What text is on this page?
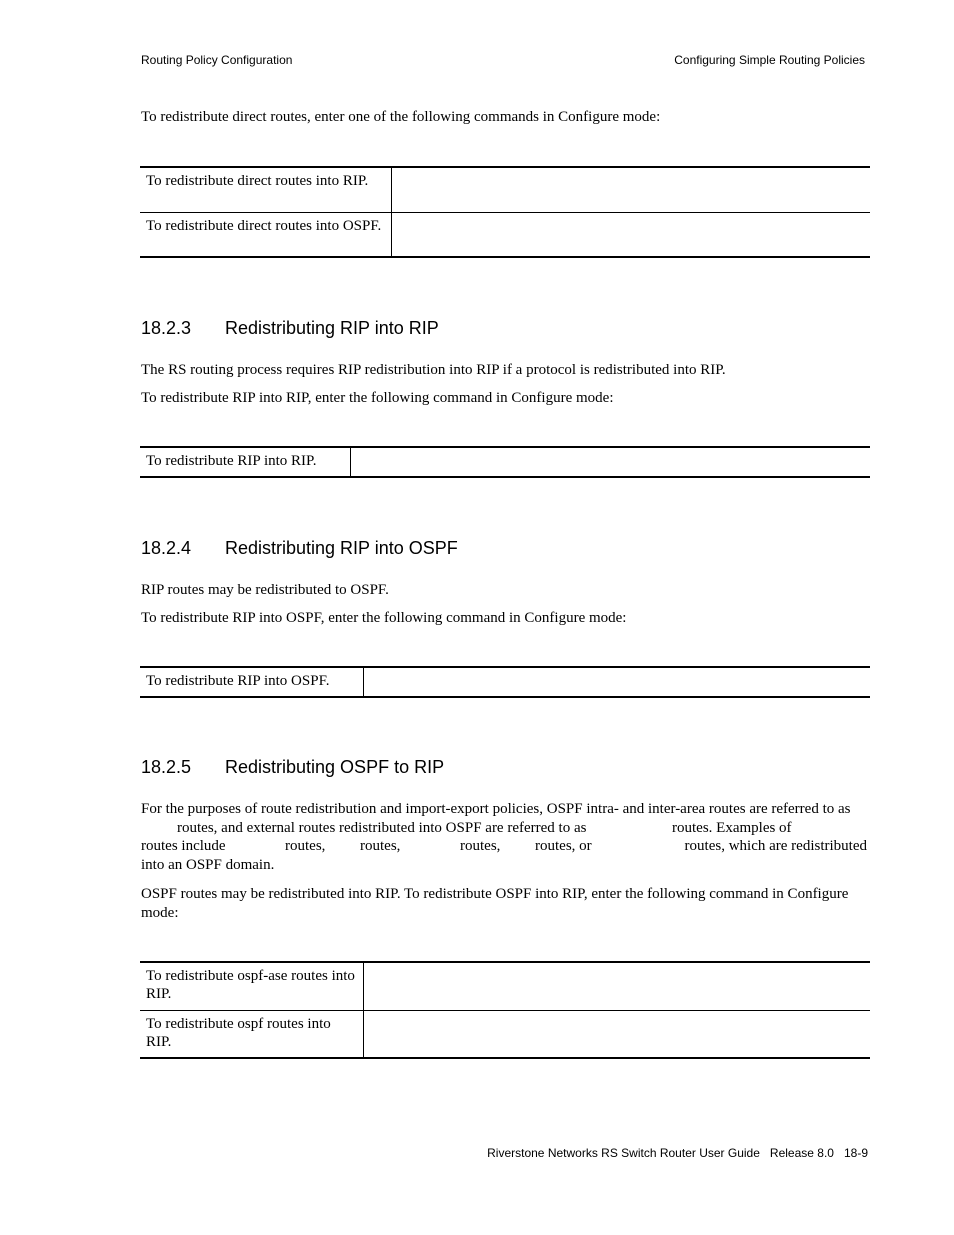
Routing Policy Configuration	Configuring Simple Routing Policies
To redistribute direct routes, enter one of the following commands in Configure mode:
To redistribute direct routes into RIP.	
To redistribute direct routes into OSPF.	
18.2.3 Redistributing RIP into RIP
The RS routing process requires RIP redistribution into RIP if a protocol is redistributed into RIP.
To redistribute RIP into RIP, enter the following command in Configure mode:
To redistribute RIP into RIP.	
18.2.4 Redistributing RIP into OSPF
RIP routes may be redistributed to OSPF.
To redistribute RIP into OSPF, enter the following command in Configure mode:
To redistribute RIP into OSPF.	
18.2.5 Redistributing OSPF to RIP
For the purposes of route redistribution and import-export policies, OSPF intra- and inter-area routes are referred to as
routes, and external routes redistributed into OSPF are referred to as	routes. Examples of
routes include	routes, routes,	routes, routes, or	routes, which are redistributed
into an OSPF domain.
OSPF routes may be redistributed into RIP. To redistribute OSPF into RIP, enter the following command in Configure mode:
To redistribute ospf-ase routes into RIP.	
To redistribute ospf routes into RIP.	
Riverstone Networks RS Switch Router User Guide Release 8.0 18-9
